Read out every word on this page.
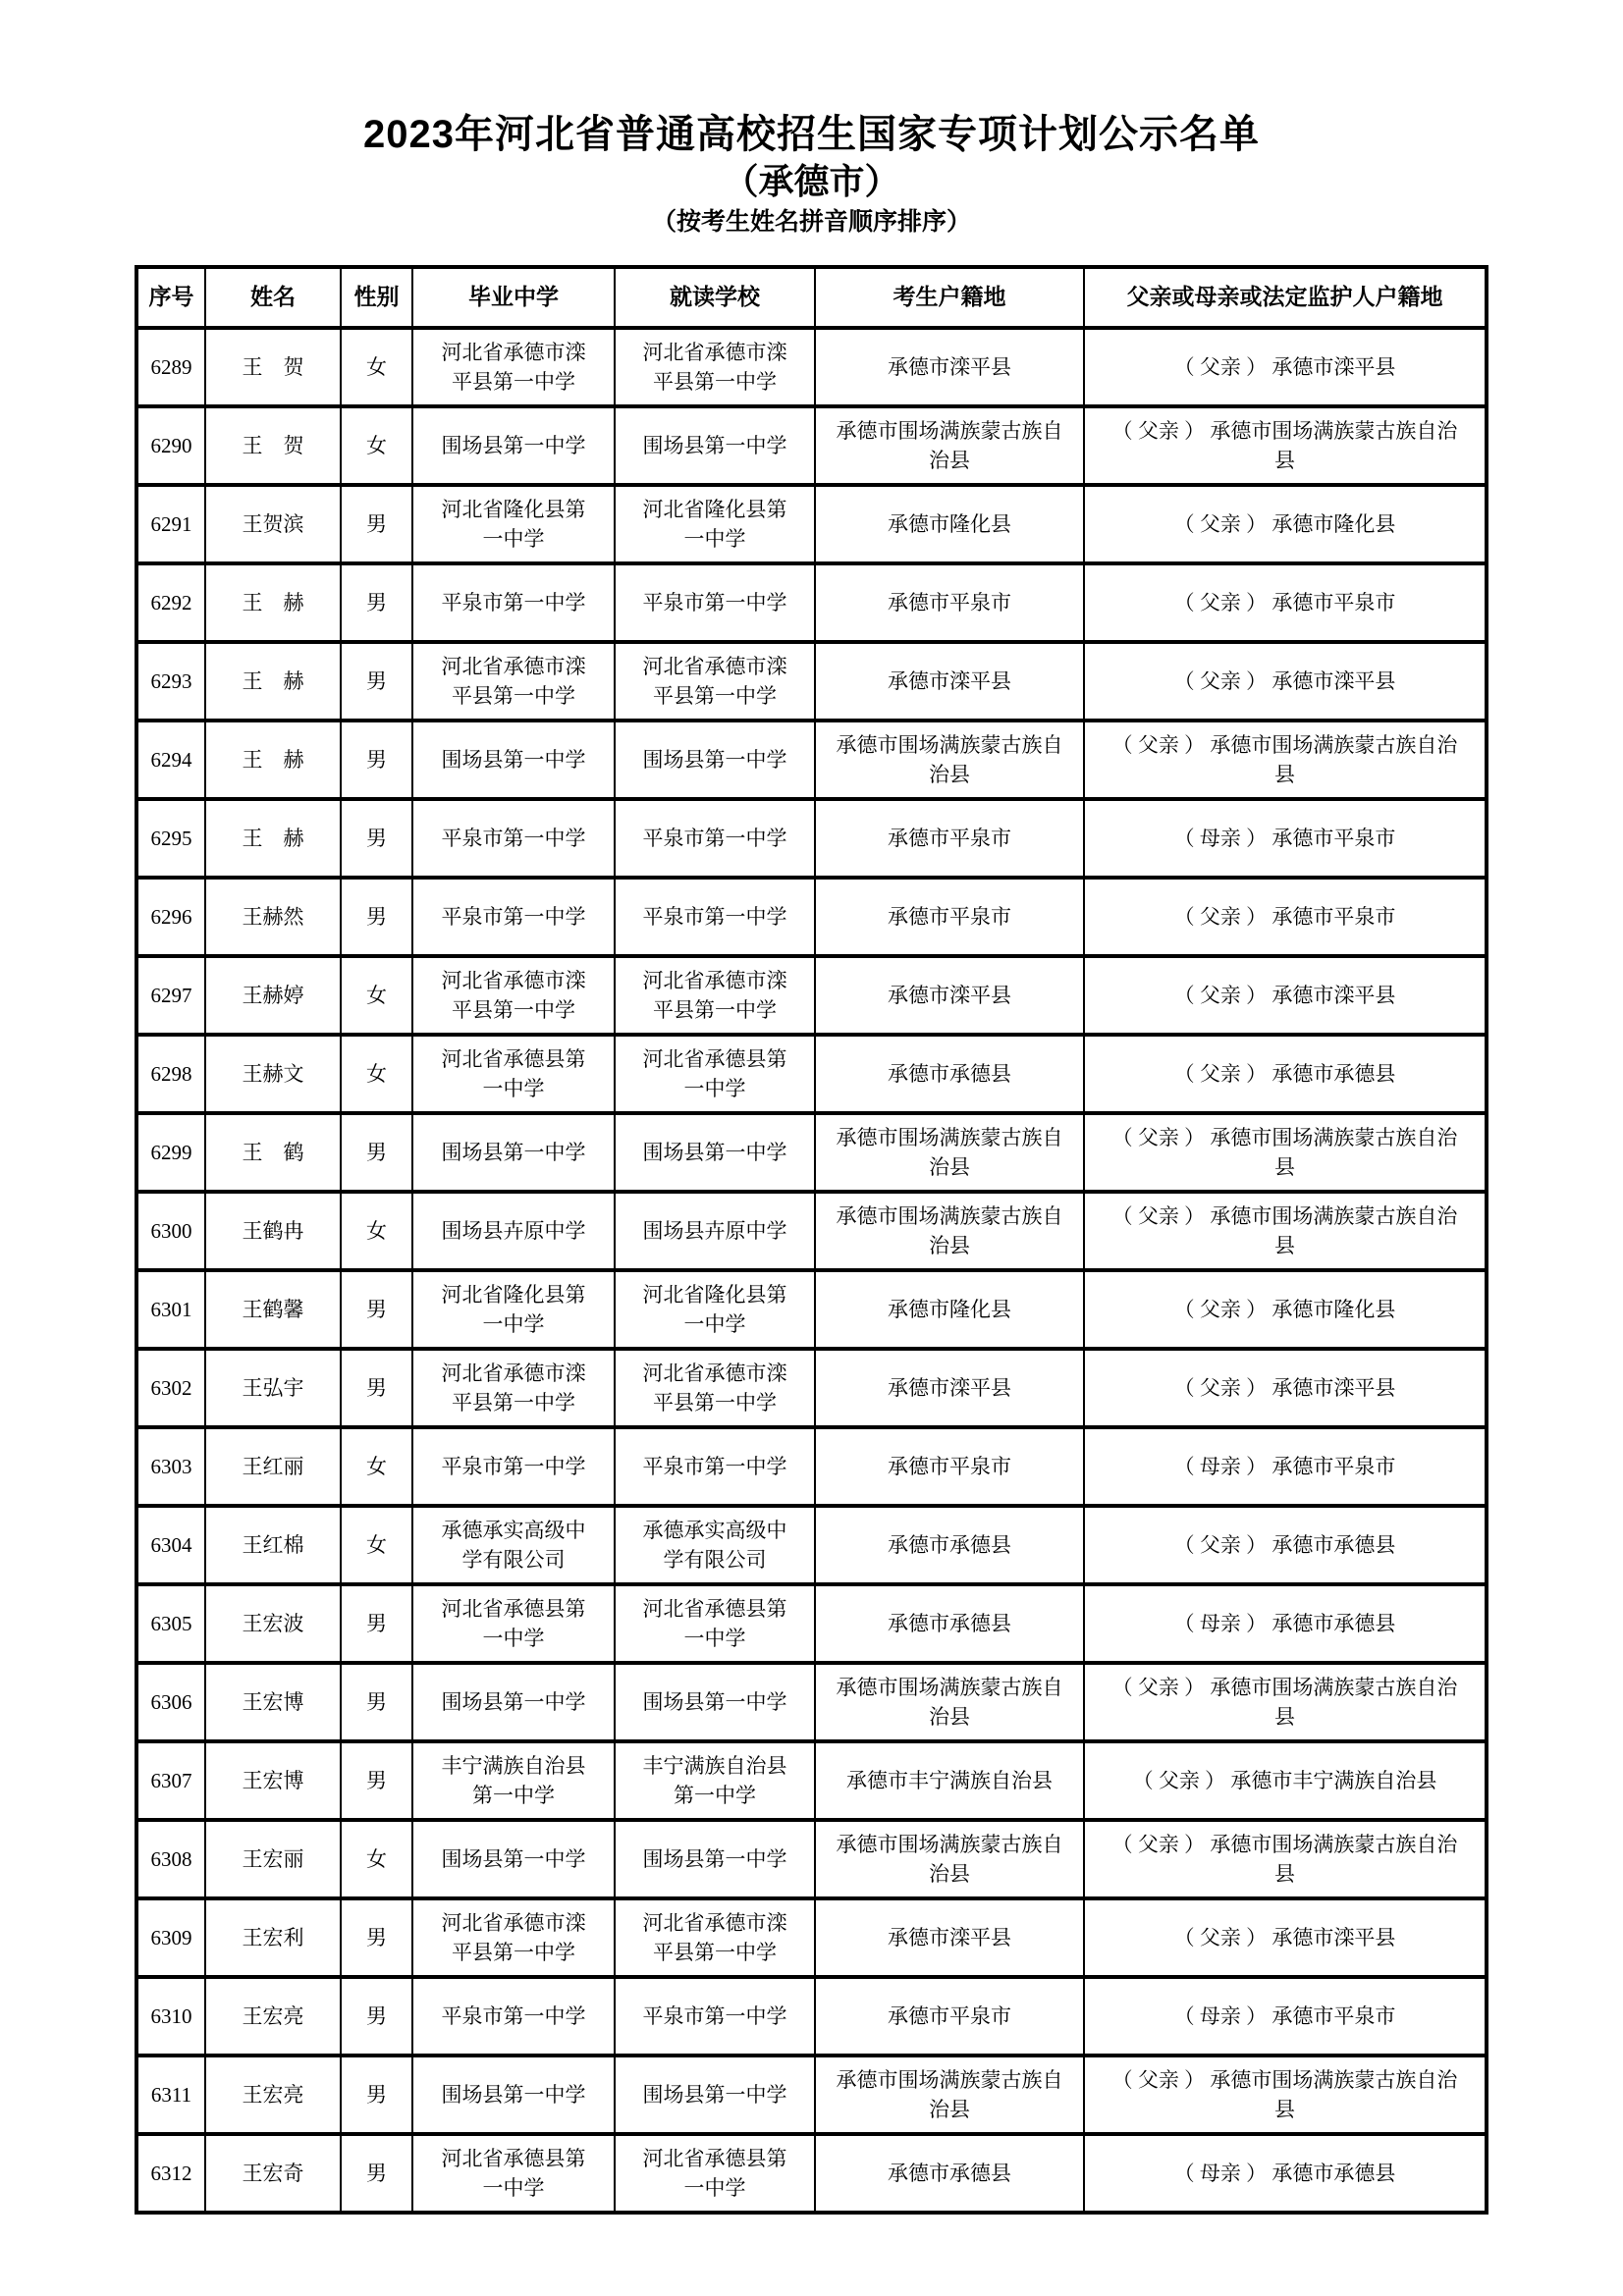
2023年河北省普通高校招生国家专项计划公示名单
（承德市）
（按考生姓名拼音顺序排序）
序号	姓名	性别	毕业中学	就读学校	考生户籍地	父亲或母亲或法定监护人户籍地
6289	王　贺	女	河北省承德市滦平县第一中学	河北省承德市滦平县第一中学	承德市滦平县	（ 父亲 ） 承德市滦平县
6290	王　贺	女	围场县第一中学	围场县第一中学	承德市围场满族蒙古族自治县	（ 父亲 ） 承德市围场满族蒙古族自治县
6291	王贺滨	男	河北省隆化县第一中学	河北省隆化县第一中学	承德市隆化县	（ 父亲 ） 承德市隆化县
6292	王　赫	男	平泉市第一中学	平泉市第一中学	承德市平泉市	（ 父亲 ） 承德市平泉市
6293	王　赫	男	河北省承德市滦平县第一中学	河北省承德市滦平县第一中学	承德市滦平县	（ 父亲 ） 承德市滦平县
6294	王　赫	男	围场县第一中学	围场县第一中学	承德市围场满族蒙古族自治县	（ 父亲 ） 承德市围场满族蒙古族自治县
6295	王　赫	男	平泉市第一中学	平泉市第一中学	承德市平泉市	（ 母亲 ） 承德市平泉市
6296	王赫然	男	平泉市第一中学	平泉市第一中学	承德市平泉市	（ 父亲 ） 承德市平泉市
6297	王赫婷	女	河北省承德市滦平县第一中学	河北省承德市滦平县第一中学	承德市滦平县	（ 父亲 ） 承德市滦平县
6298	王赫文	女	河北省承德县第一中学	河北省承德县第一中学	承德市承德县	（ 父亲 ） 承德市承德县
6299	王　鹤	男	围场县第一中学	围场县第一中学	承德市围场满族蒙古族自治县	（ 父亲 ） 承德市围场满族蒙古族自治县
6300	王鹤冉	女	围场县卉原中学	围场县卉原中学	承德市围场满族蒙古族自治县	（ 父亲 ） 承德市围场满族蒙古族自治县
6301	王鹤馨	男	河北省隆化县第一中学	河北省隆化县第一中学	承德市隆化县	（ 父亲 ） 承德市隆化县
6302	王弘宇	男	河北省承德市滦平县第一中学	河北省承德市滦平县第一中学	承德市滦平县	（ 父亲 ） 承德市滦平县
6303	王红丽	女	平泉市第一中学	平泉市第一中学	承德市平泉市	（ 母亲 ） 承德市平泉市
6304	王红棉	女	承德承实高级中学有限公司	承德承实高级中学有限公司	承德市承德县	（ 父亲 ） 承德市承德县
6305	王宏波	男	河北省承德县第一中学	河北省承德县第一中学	承德市承德县	（ 母亲 ） 承德市承德县
6306	王宏博	男	围场县第一中学	围场县第一中学	承德市围场满族蒙古族自治县	（ 父亲 ） 承德市围场满族蒙古族自治县
6307	王宏博	男	丰宁满族自治县第一中学	丰宁满族自治县第一中学	承德市丰宁满族自治县	（ 父亲 ） 承德市丰宁满族自治县
6308	王宏丽	女	围场县第一中学	围场县第一中学	承德市围场满族蒙古族自治县	（ 父亲 ） 承德市围场满族蒙古族自治县
6309	王宏利	男	河北省承德市滦平县第一中学	河北省承德市滦平县第一中学	承德市滦平县	（ 父亲 ） 承德市滦平县
6310	王宏亮	男	平泉市第一中学	平泉市第一中学	承德市平泉市	（ 母亲 ） 承德市平泉市
6311	王宏亮	男	围场县第一中学	围场县第一中学	承德市围场满族蒙古族自治县	（ 父亲 ） 承德市围场满族蒙古族自治县
6312	王宏奇	男	河北省承德县第一中学	河北省承德县第一中学	承德市承德县	（ 母亲 ） 承德市承德县
